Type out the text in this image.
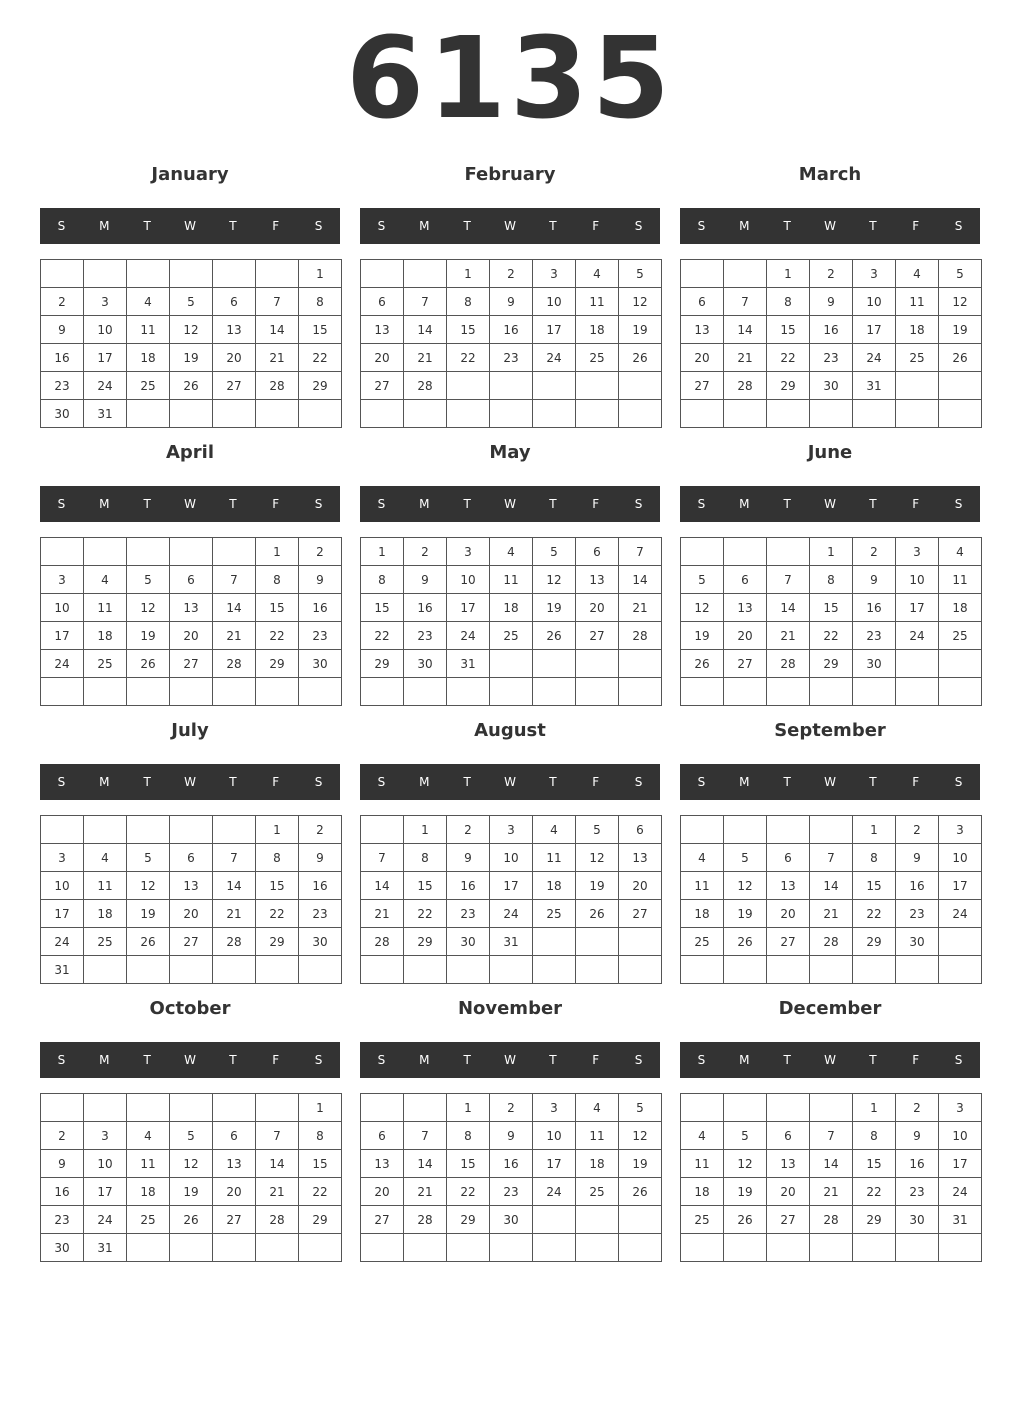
6135
January
S	M	T	W	T	F	S
						1
2	3	4	5	6	7	8
9	10	11	12	13	14	15
16	17	18	19	20	21	22
23	24	25	26	27	28	29
30	31					
February
S	M	T	W	T	F	S
		1	2	3	4	5
6	7	8	9	10	11	12
13	14	15	16	17	18	19
20	21	22	23	24	25	26
27	28					

March
S	M	T	W	T	F	S
		1	2	3	4	5
6	7	8	9	10	11	12
13	14	15	16	17	18	19
20	21	22	23	24	25	26
27	28	29	30	31		

April
S	M	T	W	T	F	S
					1	2
3	4	5	6	7	8	9
10	11	12	13	14	15	16
17	18	19	20	21	22	23
24	25	26	27	28	29	30

May
S	M	T	W	T	F	S
1	2	3	4	5	6	7
8	9	10	11	12	13	14
15	16	17	18	19	20	21
22	23	24	25	26	27	28
29	30	31				

June
S	M	T	W	T	F	S
			1	2	3	4
5	6	7	8	9	10	11
12	13	14	15	16	17	18
19	20	21	22	23	24	25
26	27	28	29	30		

July
S	M	T	W	T	F	S
					1	2
3	4	5	6	7	8	9
10	11	12	13	14	15	16
17	18	19	20	21	22	23
24	25	26	27	28	29	30
31						
August
S	M	T	W	T	F	S
	1	2	3	4	5	6
7	8	9	10	11	12	13
14	15	16	17	18	19	20
21	22	23	24	25	26	27
28	29	30	31			

September
S	M	T	W	T	F	S
				1	2	3
4	5	6	7	8	9	10
11	12	13	14	15	16	17
18	19	20	21	22	23	24
25	26	27	28	29	30	

October
S	M	T	W	T	F	S
						1
2	3	4	5	6	7	8
9	10	11	12	13	14	15
16	17	18	19	20	21	22
23	24	25	26	27	28	29
30	31					
November
S	M	T	W	T	F	S
		1	2	3	4	5
6	7	8	9	10	11	12
13	14	15	16	17	18	19
20	21	22	23	24	25	26
27	28	29	30			

December
S	M	T	W	T	F	S
				1	2	3
4	5	6	7	8	9	10
11	12	13	14	15	16	17
18	19	20	21	22	23	24
25	26	27	28	29	30	31
